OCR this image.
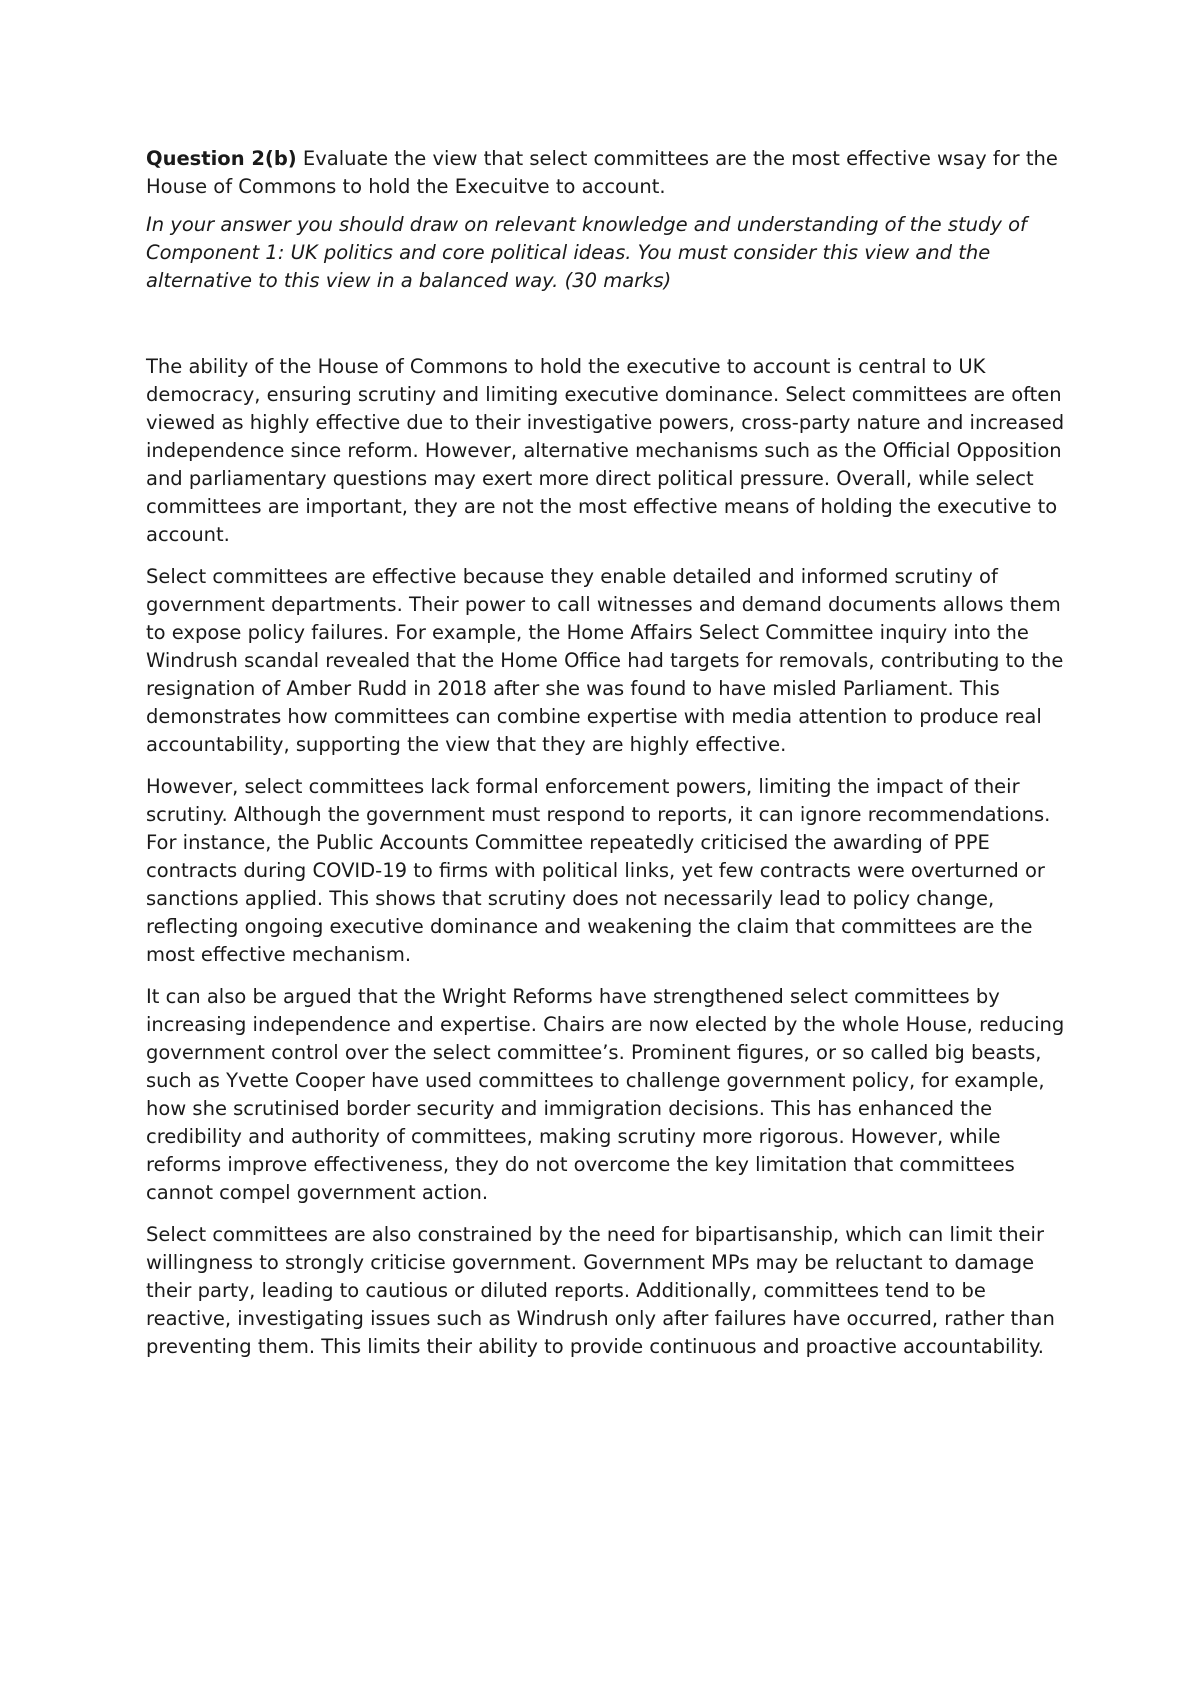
Question 2(b) Evaluate the view that select committees are the most effective wsay for the House of Commons to hold the Execuitve to account.

In your answer you should draw on relevant knowledge and understanding of the study of Component 1: UK politics and core political ideas. You must consider this view and the alternative to this view in a balanced way. (30 marks)

The ability of the House of Commons to hold the executive to account is central to UK democracy, ensuring scrutiny and limiting executive dominance. Select committees are often viewed as highly effective due to their investigative powers, cross-party nature and increased independence since reform. However, alternative mechanisms such as the Official Opposition and parliamentary questions may exert more direct political pressure. Overall, while select committees are important, they are not the most effective means of holding the executive to account.

Select committees are effective because they enable detailed and informed scrutiny of government departments. Their power to call witnesses and demand documents allows them to expose policy failures. For example, the Home Affairs Select Committee inquiry into the Windrush scandal revealed that the Home Office had targets for removals, contributing to the resignation of Amber Rudd in 2018 after she was found to have misled Parliament. This demonstrates how committees can combine expertise with media attention to produce real accountability, supporting the view that they are highly effective.

However, select committees lack formal enforcement powers, limiting the impact of their scrutiny. Although the government must respond to reports, it can ignore recommendations. For instance, the Public Accounts Committee repeatedly criticised the awarding of PPE contracts during COVID-19 to firms with political links, yet few contracts were overturned or sanctions applied. This shows that scrutiny does not necessarily lead to policy change, reflecting ongoing executive dominance and weakening the claim that committees are the most effective mechanism.

It can also be argued that the Wright Reforms have strengthened select committees by increasing independence and expertise. Chairs are now elected by the whole House, reducing government control over the select committee’s. Prominent figures, or so called big beasts, such as Yvette Cooper have used committees to challenge government policy, for example, how she scrutinised border security and immigration decisions. This has enhanced the credibility and authority of committees, making scrutiny more rigorous. However, while reforms improve effectiveness, they do not overcome the key limitation that committees cannot compel government action.

Select committees are also constrained by the need for bipartisanship, which can limit their willingness to strongly criticise government. Government MPs may be reluctant to damage their party, leading to cautious or diluted reports. Additionally, committees tend to be reactive, investigating issues such as Windrush only after failures have occurred, rather than preventing them. This limits their ability to provide continuous and proactive accountability.
